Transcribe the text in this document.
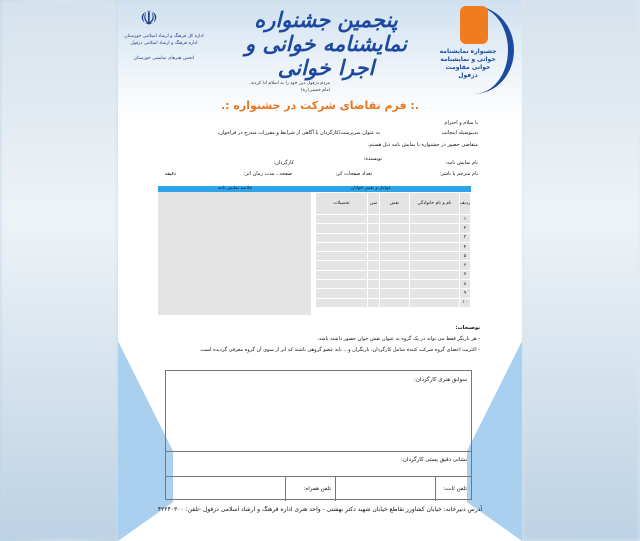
☫
اداره کل فرهنگ و ارشاد اسلامی خوزستان
اداره فرهنگ و ارشاد اسلامی دزفول
انجمن هنرهای نمایشی خوزستان
پنجمین جشنواره نمایشنامه خوانی و اجرا خوانی
جشنواره نمایشنامه خوانی و نمایشنامه خوانی مقاومت دزفول
مردم دزفول دین خود را به اسلام ادا کردند.
امام خمینی(ره)
.: فرم تقاضای شرکت در جشنواره :.
با سلام و احترام
بدینوسیله اینجانب
به عنوان سرپرست/کارگردان با آگاهی از شرایط و مقررات مندرج در فراخوان،
متقاضی حضور در جشنواره با نمایش نامه ذیل هستم.
نام نمایش نامه:
نویسنده:
کارگردان:
نام مترجم یا ناشر:
تعداد صفحات اثر:
صفحه ، مدت زمان اثر:
دقیقه
عوامل و نقش خوانان
خلاصه نمایش نامه
ردیف	نام و نام خانوادگی	نقش	سن	تحصیلات
۱				
۲				
۳				
۴				
۵				
۶				
۷				
۸				
۹				
۱۰				
توضیحات:
- هر بازیگر فقط می تواند در یک گروه به عنوان نقش خوان حضور داشته باشد.
- اکثریت اعضای گروه شرکت کننده شامل کارگردان، بازیگران و... باید عضو گروهی باشند که اثر از سوی آن گروه معرفی گردیده است.
سوابق هنری کارگردان:
نشانی دقیق پستی کارگردان:
تلفن ثابت:
تلفن همراه:
آدرس دبیرخانه: خیابان کشاورز تقاطع خیابان شهید دکتر بهشتی - واحد هنری اداره فرهنگ و ارشاد اسلامی دزفول -تلفن: ۴۲۲۴۰۳۰۰
